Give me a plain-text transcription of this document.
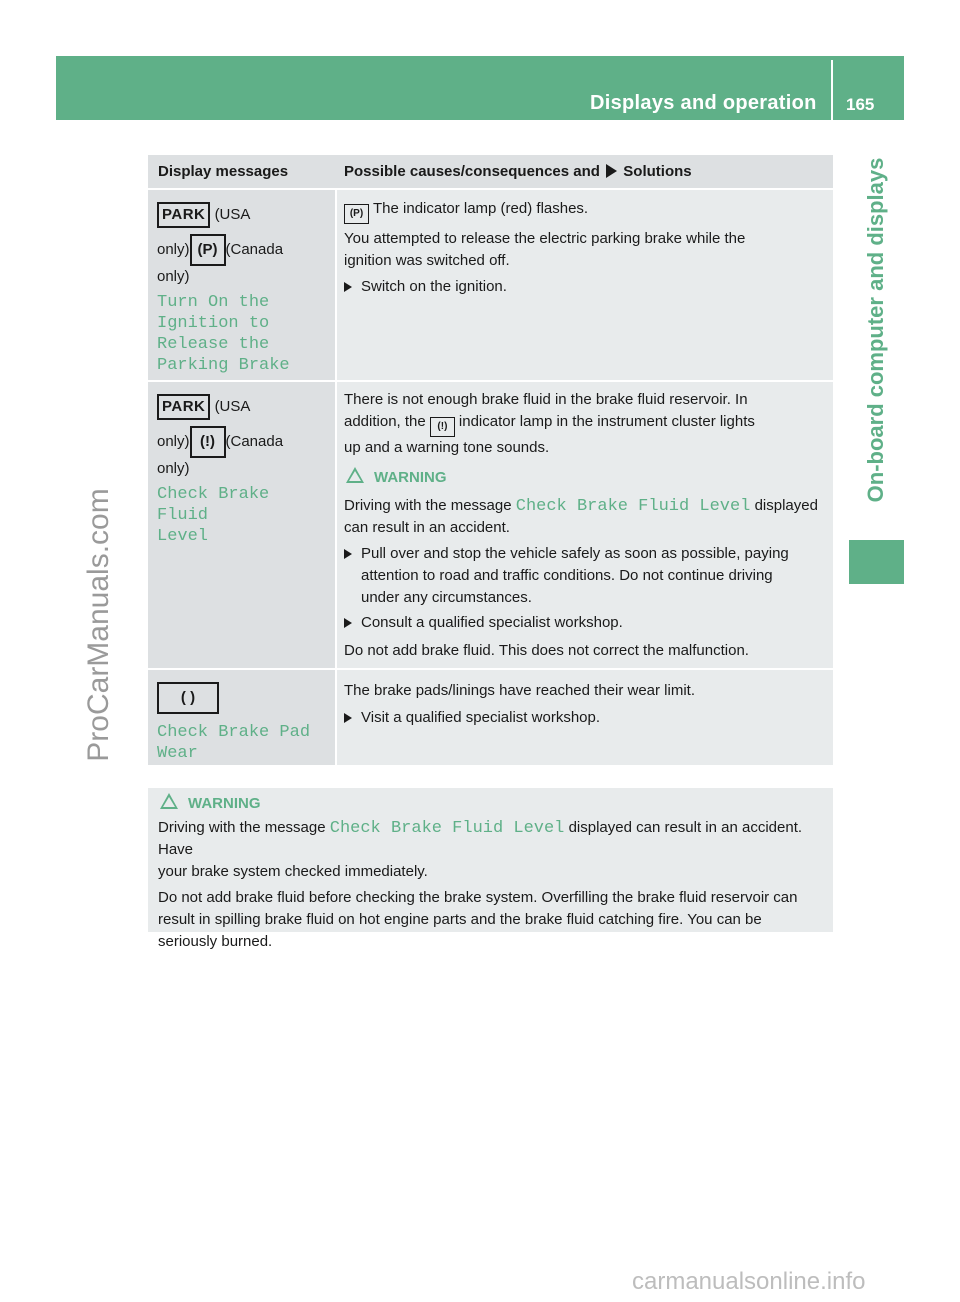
Displays and operation 165
On-board computer and displays
ProCarManuals.com
carmanualsonline.info
Display messages	Possible causes/consequences and Solutions
PARK (USA
only) (P) (Canada
only)
Turn On the
Ignition to
Release the
Parking Brake
(P) The indicator lamp (red) flashes.
You attempted to release the electric parking brake while the
ignition was switched off.
Switch on the ignition.
PARK (USA
only) (!) (Canada
only)
Check Brake Fluid
Level
There is not enough brake fluid in the brake fluid reservoir. In
addition, the (!) indicator lamp in the instrument cluster lights
up and a warning tone sounds.
WARNING
Driving with the message Check Brake Fluid Level displayed
can result in an accident.
Pull over and stop the vehicle safely as soon as possible, paying
attention to road and traffic conditions. Do not continue driving
under any circumstances.
Consult a qualified specialist workshop.
Do not add brake fluid. This does not correct the malfunction.
( )
Check Brake Pad
Wear
The brake pads/linings have reached their wear limit.
Visit a qualified specialist workshop.
WARNING
Driving with the message Check Brake Fluid Level displayed can result in an accident. Have
your brake system checked immediately.
Do not add brake fluid before checking the brake system. Overfilling the brake fluid reservoir can
result in spilling brake fluid on hot engine parts and the brake fluid catching fire. You can be
seriously burned.
